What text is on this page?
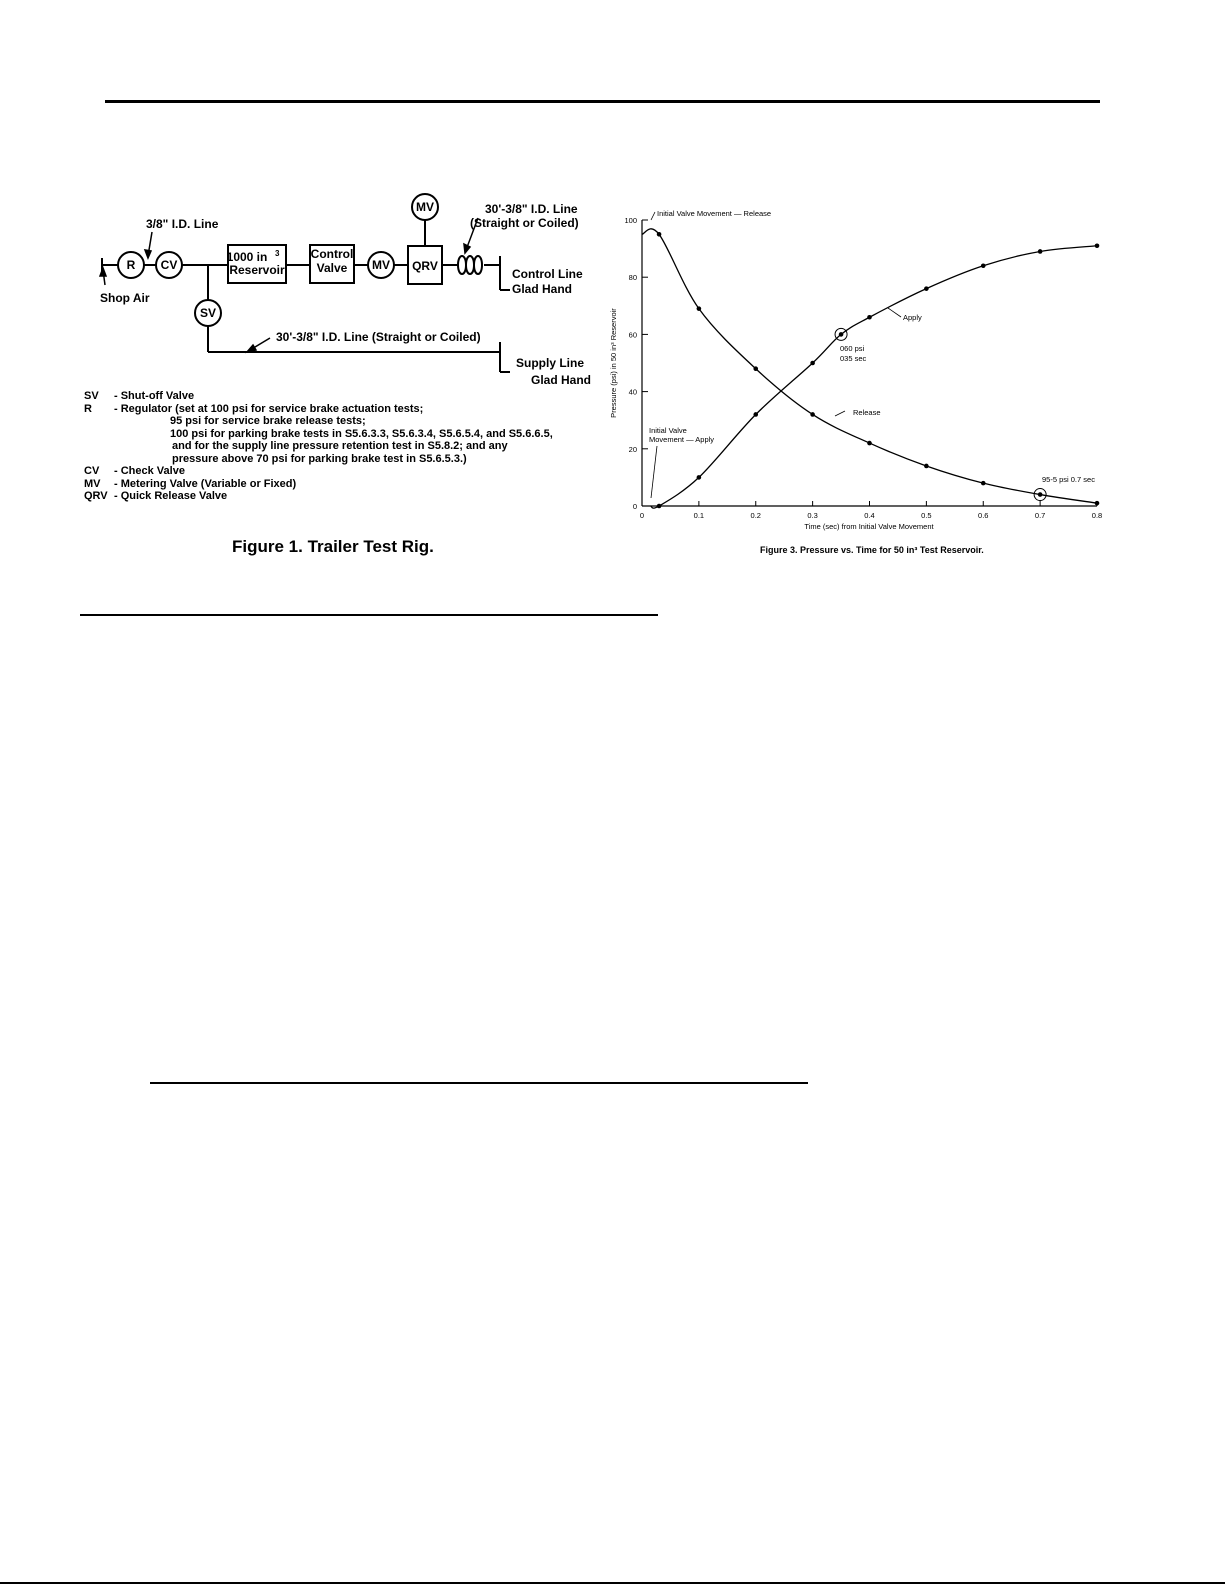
3/8" I.D. Line
R CV
Shop Air
1000 in 3
Reservoir
Control
Valve MV QRV
MV	30'-3/8" I.D. Line
(Straight or Coiled)
Control Line
Glad Hand
SV
30'-3/8" I.D. Line (Straight or Coiled)
Supply Line
Glad Hand
SV	- Shut-off Valve
R	- Regulator (set at 100 psi for service brake actuation tests;
95 psi for service brake release tests;
100 psi for parking brake tests in S5.6.3.3, S5.6.3.4, S5.6.5.4, and S5.6.6.5,
and for the supply line pressure retention test in S5.8.2; and any
pressure above 70 psi for parking brake test in S5.6.5.3.)
CV	- Check Valve
MV	- Metering Valve (Variable or Fixed)
QRV - Quick Release Valve
Figure 1. Trailer Test Rig.
0	0.1	0.2	0.3	0.4	0.5	0.6	0.7	0.8
0
20
40
60
80
100
Initial Valve Movement — Release
Initial Valve
Movement — Apply
Apply
Release
060 psi
035 sec
95-5 psi 0.7 sec
Time (sec) from Initial Valve Movement
Pressure (psi) in 50 in³ Reservoir
Figure 3. Pressure vs. Time for 50 in³ Test Reservoir.
